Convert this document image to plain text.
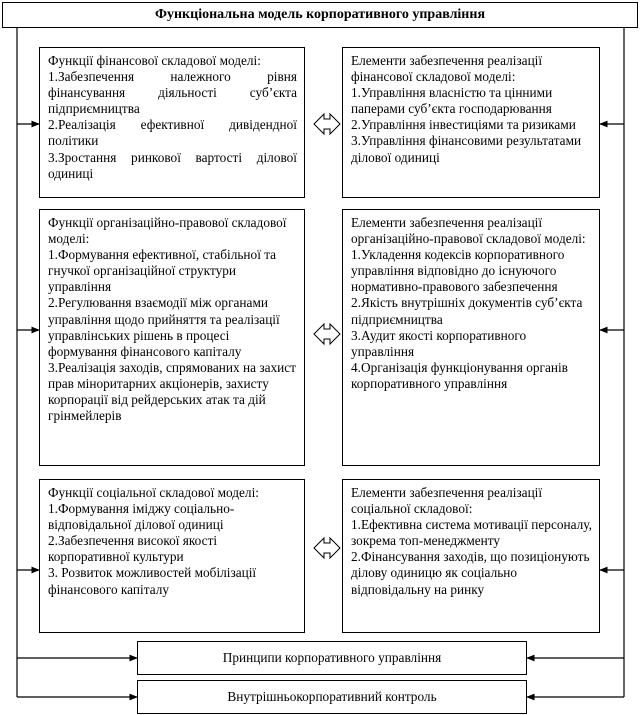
Функціональна модель корпоративного управління
Функції фінансової складової моделі:
1.Забезпечення належного рівня фінансування діяльності суб’єкта підприємництва
2.Реалізація ефективної дивідендної політики
3.Зростання ринкової вартості ділової одиниці
Функції організаційно-правової складової моделі:
1.Формування ефективної, стабільної та гнучкої організаційної структури управління
2.Регулювання взаємодії між органами управління щодо прийняття та реалізації управлінських рішень в процесі формування фінансового капіталу
3.Реалізація заходів, спрямованих на захист прав міноритарних акціонерів, захисту корпорації від рейдерських атак та дій грінмейлерів
Функції соціальної складової моделі:
1.Формування іміджу соціально-відповідальної ділової одиниці
2.Забезпечення високої якості корпоративної культури
3. Розвиток можливостей мобілізації фінансового капіталу
Елементи забезпечення реалізації фінансової складової моделі:
1.Управління власністю та цінними паперами суб’єкта господарювання
2.Управління інвестиціями та ризиками
3.Управління фінансовими результатами ділової одиниці
Елементи забезпечення реалізації організаційно-правової складової моделі:
1.Укладення кодексів корпоративного управління відповідно до існуючого нормативно-правового забезпечення
2.Якість внутрішніх документів суб’єкта підприємництва
3.Аудит якості корпоративного управління
4.Організація функціонування органів корпоративного управління
Елементи забезпечення реалізації соціальної складової:
1.Ефективна система мотивації персоналу, зокрема топ-менеджменту
2.Фінансування заходів, що позиціонують ділову одиницю як соціально відповідальну на ринку
Принципи корпоративного управління
Внутрішньокорпоративний контроль
